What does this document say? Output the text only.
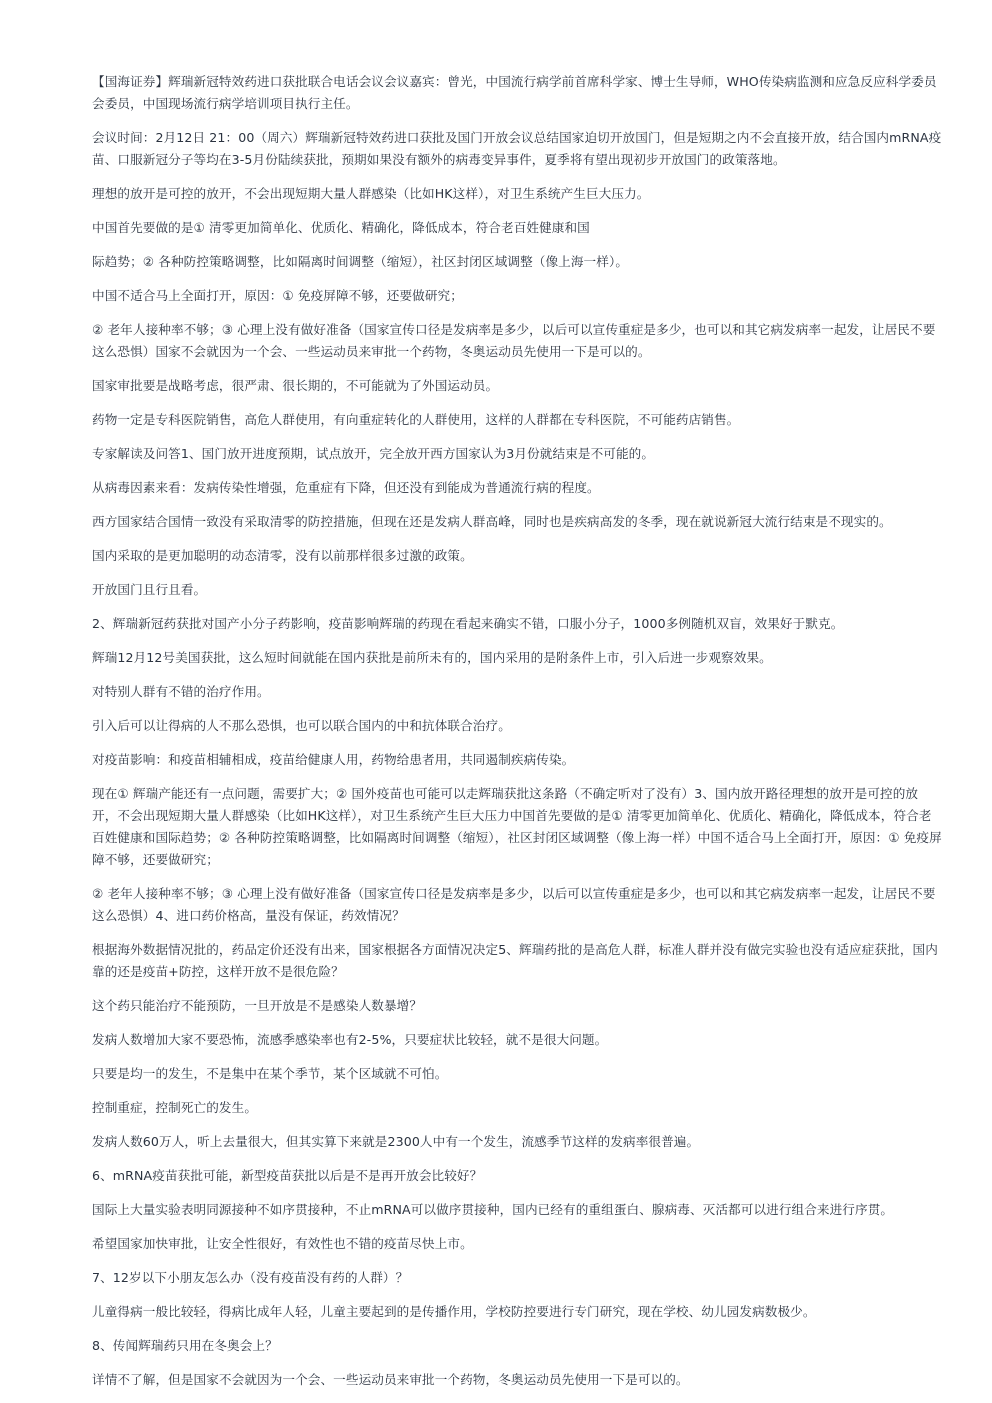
【国海证券】辉瑞新冠特效药进口获批联合电话会议会议嘉宾：曾光，中国流行病学前首席科学家、博士生导师，WHO传染病监测和应急反应科学委员会委员，中国现场流行病学培训项目执行主任。

会议时间：2月12日 21：00（周六）辉瑞新冠特效药进口获批及国门开放会议总结国家迫切开放国门，但是短期之内不会直接开放，结合国内mRNA疫苗、口服新冠分子等均在3-5月份陆续获批，预期如果没有额外的病毒变异事件，夏季将有望出现初步开放国门的政策落地。

理想的放开是可控的放开，不会出现短期大量人群感染（比如HK这样），对卫生系统产生巨大压力。

中国首先要做的是① 清零更加简单化、优质化、精确化，降低成本，符合老百姓健康和国

际趋势；② 各种防控策略调整，比如隔离时间调整（缩短），社区封闭区域调整（像上海一样）。

中国不适合马上全面打开，原因：① 免疫屏障不够，还要做研究；

② 老年人接种率不够；③ 心理上没有做好准备（国家宣传口径是发病率是多少，以后可以宣传重症是多少，也可以和其它病发病率一起发，让居民不要这么恐惧）国家不会就因为一个会、一些运动员来审批一个药物，冬奥运动员先使用一下是可以的。

国家审批要是战略考虑，很严肃、很长期的，不可能就为了外国运动员。

药物一定是专科医院销售，高危人群使用，有向重症转化的人群使用，这样的人群都在专科医院，不可能药店销售。

专家解读及问答1、国门放开进度预期，试点放开，完全放开西方国家认为3月份就结束是不可能的。

从病毒因素来看：发病传染性增强，危重症有下降，但还没有到能成为普通流行病的程度。

西方国家结合国情一致没有采取清零的防控措施，但现在还是发病人群高峰，同时也是疾病高发的冬季，现在就说新冠大流行结束是不现实的。

国内采取的是更加聪明的动态清零，没有以前那样很多过激的政策。

开放国门且行且看。

2、辉瑞新冠药获批对国产小分子药影响，疫苗影响辉瑞的药现在看起来确实不错，口服小分子，1000多例随机双盲，效果好于默克。

辉瑞12月12号美国获批，这么短时间就能在国内获批是前所未有的，国内采用的是附条件上市，引入后进一步观察效果。

对特别人群有不错的治疗作用。

引入后可以让得病的人不那么恐惧，也可以联合国内的中和抗体联合治疗。

对疫苗影响：和疫苗相辅相成，疫苗给健康人用，药物给患者用，共同遏制疾病传染。

现在① 辉瑞产能还有一点问题，需要扩大；② 国外疫苗也可能可以走辉瑞获批这条路（不确定听对了没有）3、国内放开路径理想的放开是可控的放开，不会出现短期大量人群感染（比如HK这样），对卫生系统产生巨大压力中国首先要做的是① 清零更加简单化、优质化、精确化，降低成本，符合老百姓健康和国际趋势；② 各种防控策略调整，比如隔离时间调整（缩短），社区封闭区域调整（像上海一样）中国不适合马上全面打开，原因：① 免疫屏障不够，还要做研究；

② 老年人接种率不够；③ 心理上没有做好准备（国家宣传口径是发病率是多少，以后可以宣传重症是多少，也可以和其它病发病率一起发，让居民不要这么恐惧）4、进口药价格高，量没有保证，药效情况？

根据海外数据情况批的，药品定价还没有出来，国家根据各方面情况决定5、辉瑞药批的是高危人群，标准人群并没有做完实验也没有适应症获批，国内靠的还是疫苗+防控，这样开放不是很危险？

这个药只能治疗不能预防，一旦开放是不是感染人数暴增？

发病人数增加大家不要恐怖，流感季感染率也有2-5%，只要症状比较轻，就不是很大问题。

只要是均一的发生，不是集中在某个季节，某个区域就不可怕。

控制重症，控制死亡的发生。

发病人数60万人，听上去量很大，但其实算下来就是2300人中有一个发生，流感季节这样的发病率很普遍。

6、mRNA疫苗获批可能，新型疫苗获批以后是不是再开放会比较好？

国际上大量实验表明同源接种不如序贯接种，不止mRNA可以做序贯接种，国内已经有的重组蛋白、腺病毒、灭活都可以进行组合来进行序贯。

希望国家加快审批，让安全性很好，有效性也不错的疫苗尽快上市。

7、12岁以下小朋友怎么办（没有疫苗没有药的人群）？

儿童得病一般比较轻，得病比成年人轻，儿童主要起到的是传播作用，学校防控要进行专门研究，现在学校、幼儿园发病数极少。

8、传闻辉瑞药只用在冬奥会上？

详情不了解，但是国家不会就因为一个会、一些运动员来审批一个药物，冬奥运动员先使用一下是可以的。
